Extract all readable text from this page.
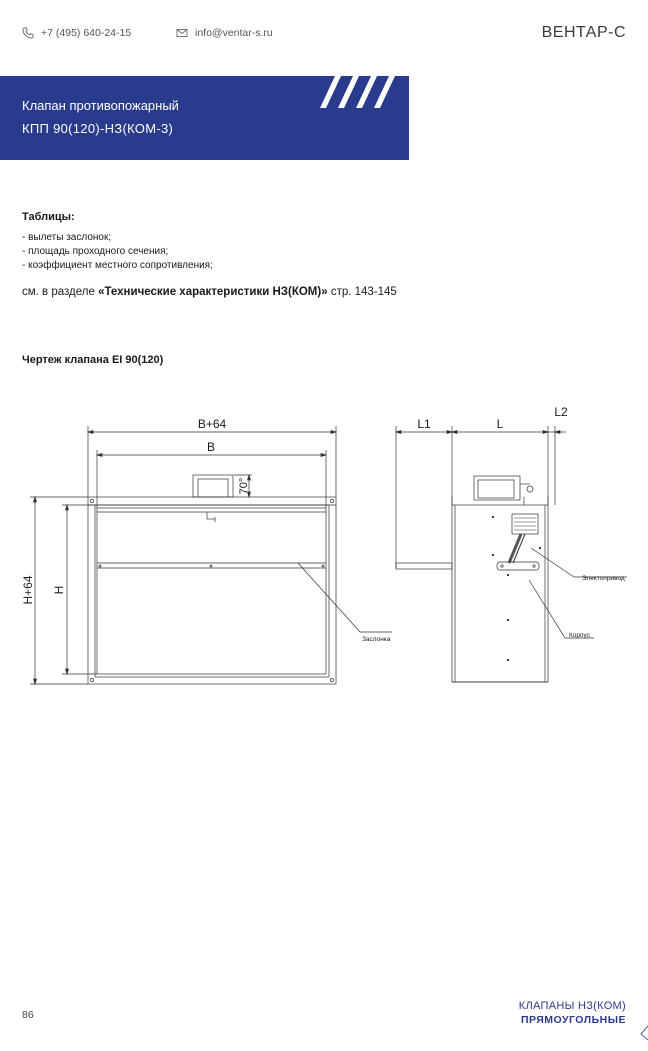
+7 (495) 640-24-15	info@ventar-s.ru	ВЕНТАР-С
Клапан противопожарный
КПП 90(120)-НЗ(КОМ-3)
Таблицы:
- вылеты заслонок;
- площадь проходного сечения;
- коэффициент местного сопротивления;
см. в разделе «Технические характеристики НЗ(КОМ)» стр. 143-145
Чертеж клапана EI 90(120)
B+64
B
70°
H+64 H
L1	L
L2
Заслонка
Электопривод
Корпус
86
КЛАПАНЫ НЗ(КОМ)
ПРЯМОУГОЛЬНЫЕ
